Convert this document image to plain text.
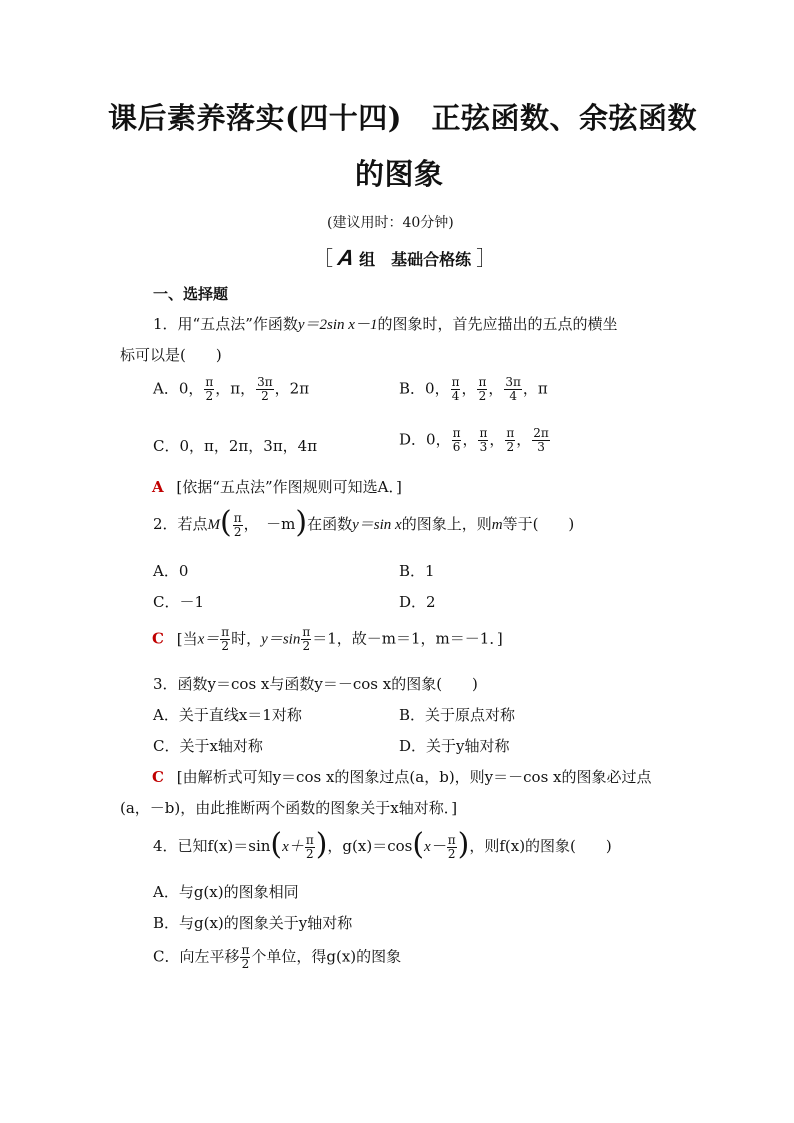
课后素养落实(四十四)　正弦函数、余弦函数
的图象
(建议用时：40分钟)
［ A 组　基础合格练 ］
一、选择题
1．用“五点法”作函数y＝2sin x－1的图象时，首先应描出的五点的横坐
标可以是(　　)
A．0， $\frac{\pi}{2}$ ，π， $\frac{3\pi}{2}$ ，2π	B．0， $\frac{\pi}{4}$ ， $\frac{\pi}{2}$ ， $\frac{3\pi}{4}$ ，π
C．0，π，2π，3π，4π	D．0， $\frac{\pi}{6}$ ， $\frac{\pi}{3}$ ， $\frac{\pi}{2}$ ， $\frac{2\pi}{3}$
A [依据“五点法”作图规则可知选A．]
2．若点$M( \frac{\pi}{2}$ ，　－m)在函数y＝sin x的图象上，则m等于(　　)
A．0	B．1
C．－1	D．2
C [当$x= \frac{\pi}{2}$ 时，$y=\sin \frac{\pi}{2} =1$，故－m＝1，m＝－1．]
3．函数y＝cos x与函数y＝－cos x的图象(　　)
A．关于直线x＝1对称	B．关于原点对称
C．关于x轴对称	D．关于y轴对称
C [由解析式可知y＝cos x的图象过点(a，b)，则y＝－cos x的图象必过点
(a，－b)，由此推断两个函数的图象关于x轴对称．]
4．已知$f(x)=\sin(x+ \frac{\pi}{2}$ )，$g(x)=\cos(x- \frac{\pi}{2}$ )，则f(x)的图象(　　)
A．与g(x)的图象相同
B．与g(x)的图象关于y轴对称
C．向左平移 $\frac{\pi}{2}$ 个单位，得g(x)的图象
